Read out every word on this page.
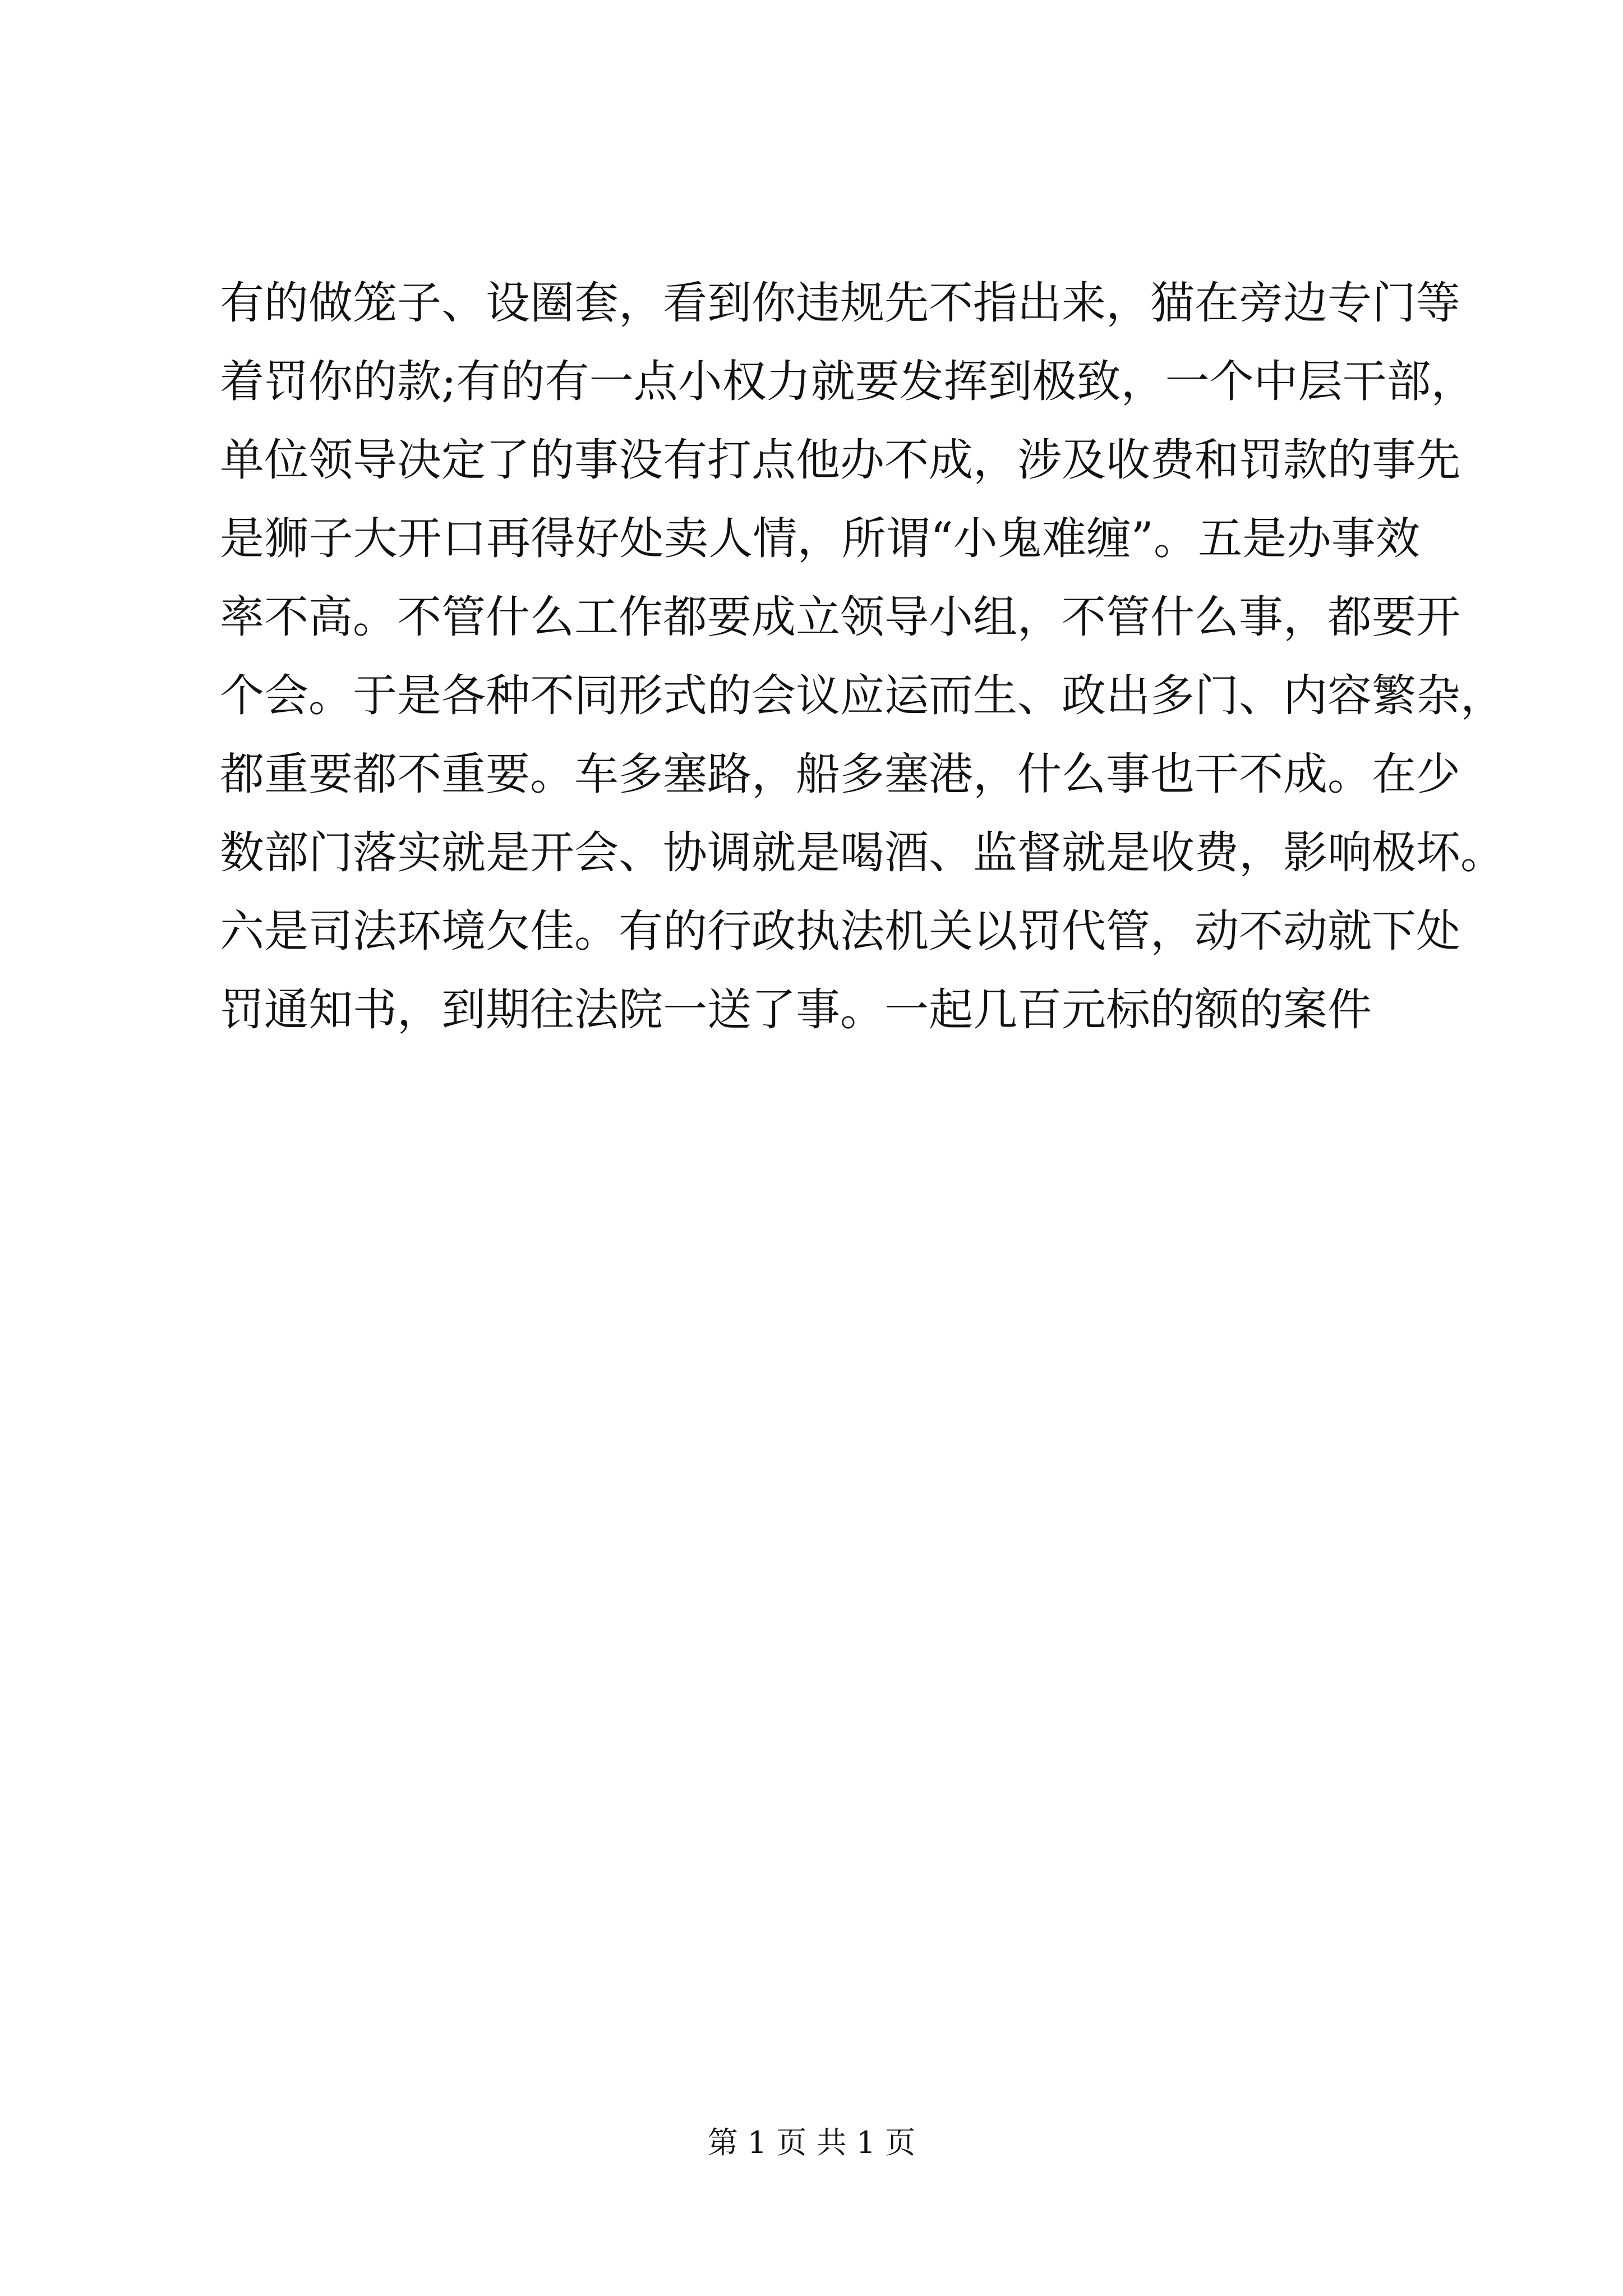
有的做笼子、设圈套，看到你违规先不指出来，猫在旁边专门等
着罚你的款;有的有一点小权力就要发挥到极致，一个中层干部，
单位领导决定了的事没有打点他办不成，涉及收费和罚款的事先
是狮子大开口再得好处卖人情，所谓“小鬼难缠”。五是办事效
率不高。不管什么工作都要成立领导小组，不管什么事，都要开
个会。于是各种不同形式的会议应运而生、政出多门、内容繁杂，
都重要都不重要。车多塞路，船多塞港，什么事也干不成。在少
数部门落实就是开会、协调就是喝酒、监督就是收费，影响极坏。
六是司法环境欠佳。有的行政执法机关以罚代管，动不动就下处
罚通知书，到期往法院一送了事。一起几百元标的额的案件
第 1 页 共 1 页
